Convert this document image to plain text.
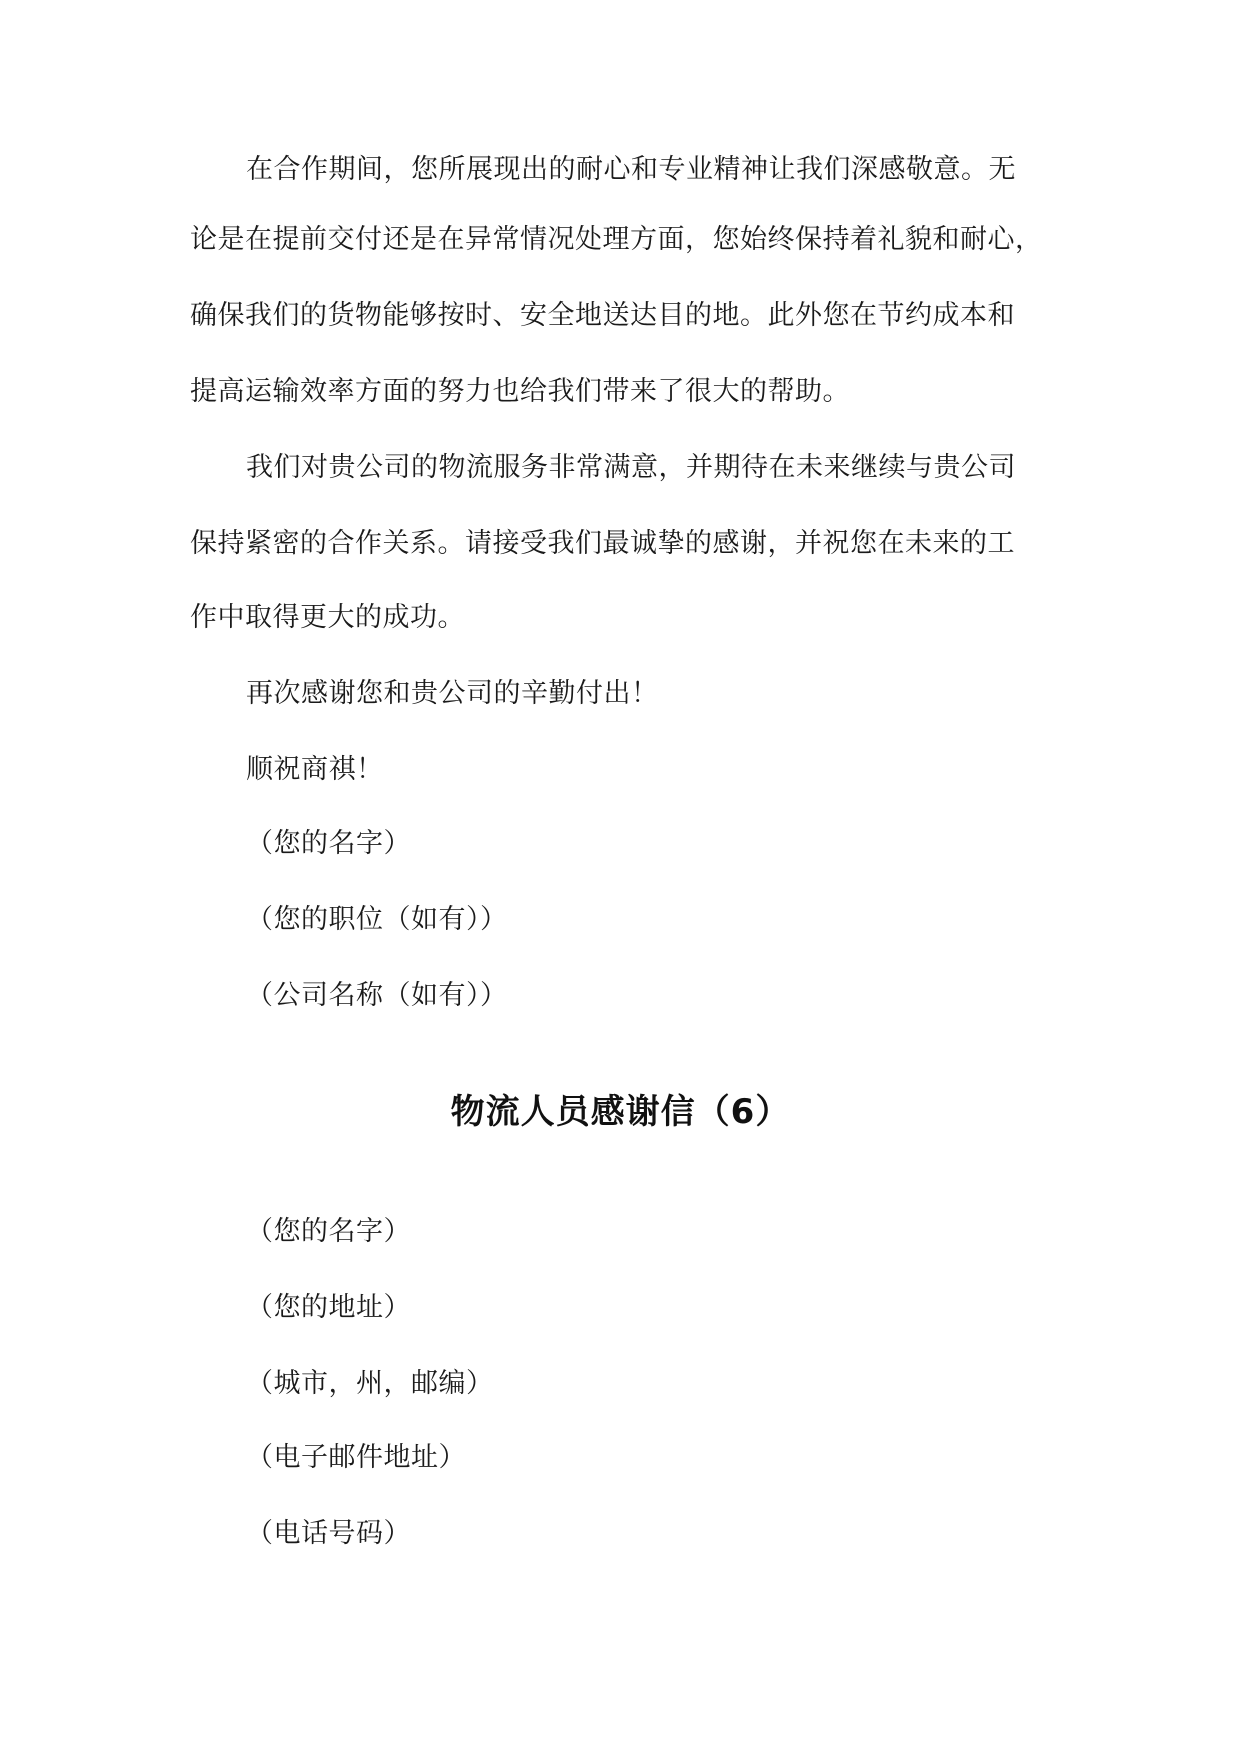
在合作期间，您所展现出的耐心和专业精神让我们深感敬意。无
论是在提前交付还是在异常情况处理方面，您始终保持着礼貌和耐心，
确保我们的货物能够按时、安全地送达目的地。此外您在节约成本和
提高运输效率方面的努力也给我们带来了很大的帮助。
我们对贵公司的物流服务非常满意，并期待在未来继续与贵公司
保持紧密的合作关系。请接受我们最诚挚的感谢，并祝您在未来的工
作中取得更大的成功。
再次感谢您和贵公司的辛勤付出！
顺祝商祺！
（您的名字）
（您的职位（如有））
（公司名称（如有））
物流人员感谢信（6）
（您的名字）
（您的地址）
（城市，州，邮编）
（电子邮件地址）
（电话号码）
